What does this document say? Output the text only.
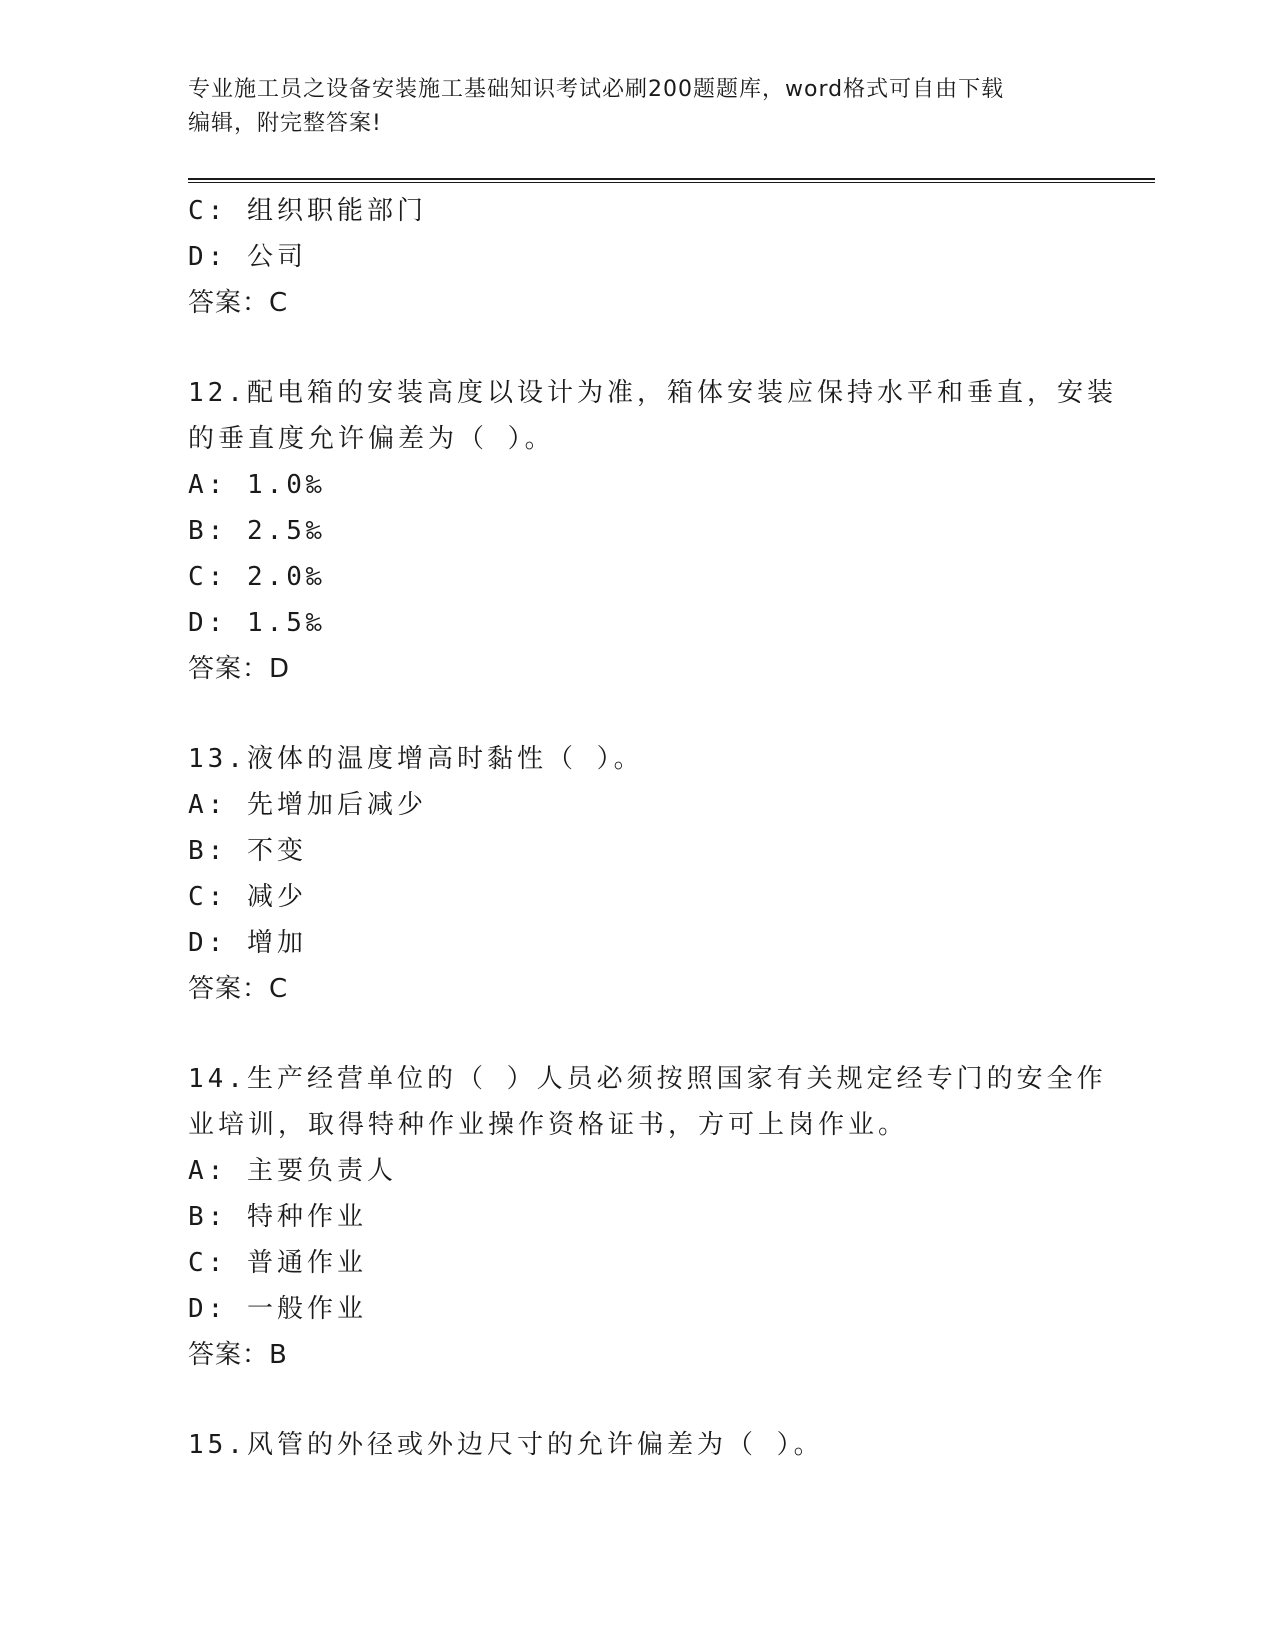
专业施工员之设备安装施工基础知识考试必刷200题题库，word格式可自由下载
编辑，附完整答案!
C: 组织职能部门
D: 公司
答案：C
12.配电箱的安装高度以设计为准，箱体安装应保持水平和垂直，安装
的垂直度允许偏差为（ ）。
A: 1.0‰
B: 2.5‰
C: 2.0‰
D: 1.5‰
答案：D
13.液体的温度增高时黏性（ ）。
A: 先增加后减少
B: 不变
C: 减少
D: 增加
答案：C
14.生产经营单位的（ ）人员必须按照国家有关规定经专门的安全作
业培训，取得特种作业操作资格证书，方可上岗作业。
A: 主要负责人
B: 特种作业
C: 普通作业
D: 一般作业
答案：B
15.风管的外径或外边尺寸的允许偏差为（ ）。
